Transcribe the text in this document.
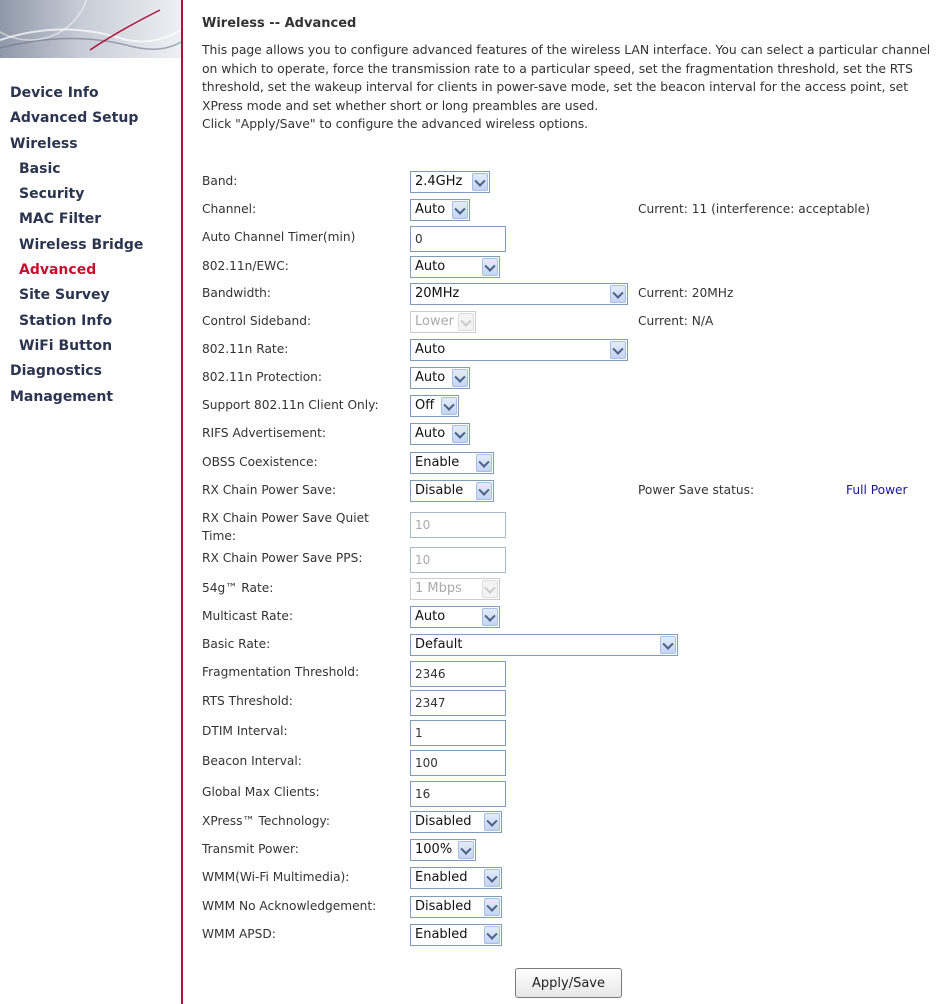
Device Info
Advanced Setup
Wireless
Basic
Security
MAC Filter
Wireless Bridge
Advanced
Site Survey
Station Info
WiFi Button
Diagnostics
Management
Wireless -- Advanced

This page allows you to configure advanced features of the wireless LAN interface. You can select a particular channel on which to operate, force the transmission rate to a particular speed, set the fragmentation threshold, set the RTS threshold, set the wakeup interval for clients in power-save mode, set the beacon interval for the access point, set XPress mode and set whether short or long preambles are used.

Click "Apply/Save" to configure the advanced wireless options.

Band:	2.4GHz
Channel:	Auto	Current: 11 (interference: acceptable)
Auto Channel Timer(min)
0
802.11n/EWC:	Auto
Bandwidth:	20MHz	Current: 20MHz
Control Sideband:	Lower	Current: N/A
802.11n Rate:	Auto
802.11n Protection:	Auto
Support 802.11n Client Only:	Off
RIFS Advertisement:	Auto
OBSS Coexistence:	Enable
RX Chain Power Save:	Disable	Power Save status:	Full Power
RX Chain Power Save Quiet Time:
10
RX Chain Power Save PPS:
10
54g™ Rate:	1 Mbps
Multicast Rate:	Auto
Basic Rate:	Default
Fragmentation Threshold:
2346
RTS Threshold:
2347
DTIM Interval:
1
Beacon Interval:
100
Global Max Clients:
16
XPress™ Technology:	Disabled
Transmit Power:	100%
WMM(Wi-Fi Multimedia):	Enabled
WMM No Acknowledgement:	Disabled
WMM APSD:	Enabled
Apply/Save
